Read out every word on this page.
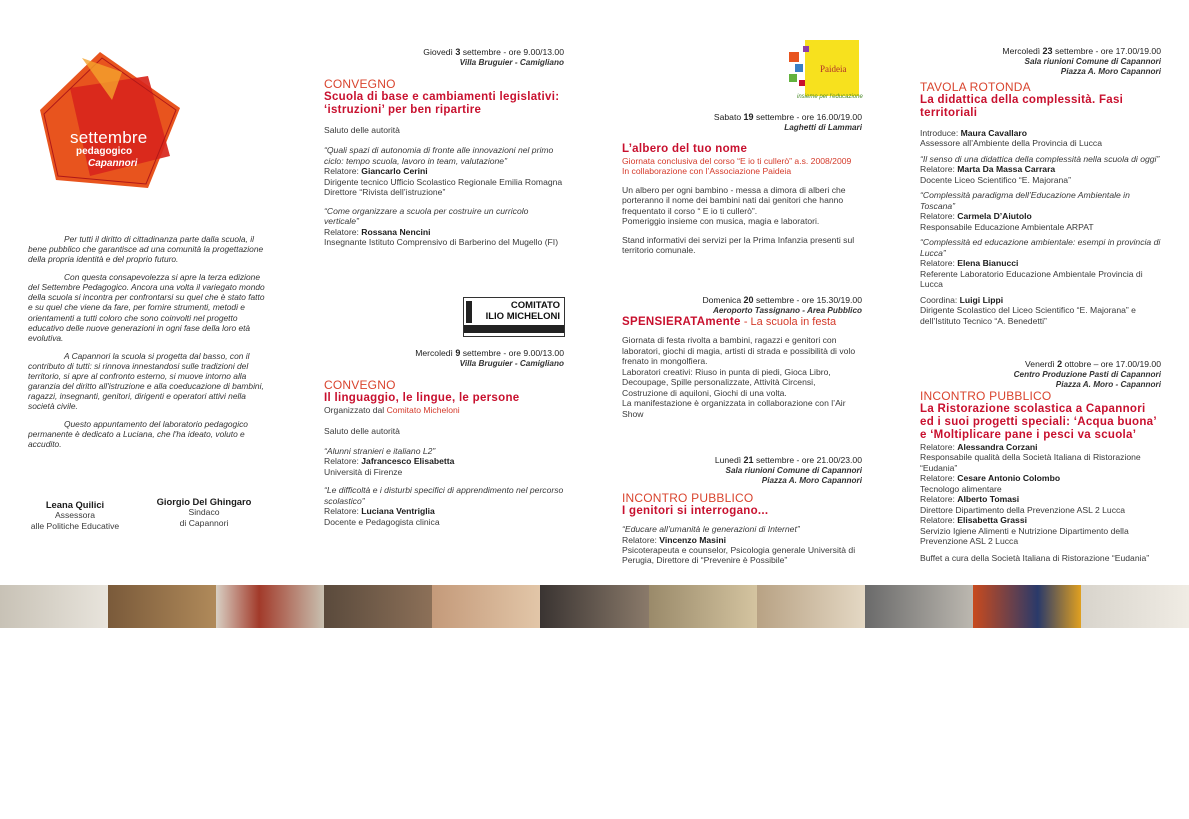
settembre
pedagogico
Capannori

Per tutti il diritto di cittadinanza parte dalla scuola, il bene pubblico che garantisce ad una comunità la progettazione della propria identità e del proprio futuro.

Con questa consapevolezza si apre la terza edizione del Settembre Pedagogico. Ancora una volta il variegato mondo della scuola si incontra per confrontarsi su quel che è stato fatto e su quel che viene da fare, per fornire strumenti, metodi e orientamenti a tutti coloro che sono coinvolti nel progetto educativo delle nuove generazioni in ogni fase della loro età evolutiva.

A Capannori la scuola si progetta dal basso, con il contributo di tutti: si rinnova innestandosi sulle tradizioni del territorio, si apre al confronto esterno, si muove intorno alla garanzia del diritto all'istruzione e alla coeducazione di bambini, ragazzi, insegnanti, genitori, dirigenti e operatori attivi nella società civile.

Questo appuntamento del laboratorio pedagogico permanente è dedicato a Luciana, che l'ha ideato, voluto e accudito.

Leana Quilici
Assessora
alle Politiche Educative
Giorgio Del Ghingaro
Sindaco
di Capannori
Giovedì 3 settembre - ore 9.00/13.00
Villa Bruguier - Camigliano
CONVEGNO
Scuola di base e cambiamenti legislativi: ‘istruzioni’ per ben ripartire

Saluto delle autorità

“Quali spazi di autonomia di fronte alle innovazioni nel primo ciclo: tempo scuola, lavoro in team, valutazione”

Relatore: Giancarlo Cerini

Dirigente tecnico Ufficio Scolastico Regionale Emilia Romagna

Direttore “Rivista dell’istruzione”

“Come organizzare a scuola per costruire un curricolo verticale”

Relatore: Rossana Nencini

Insegnante Istituto Comprensivo di Barberino del Mugello (FI)

COMITATO
ILIO MICHELONI
Mercoledì 9 settembre - ore 9.00/13.00
Villa Bruguier - Camigliano
CONVEGNO
Il linguaggio, le lingue, le persone

Organizzato dal Comitato Micheloni

Saluto delle autorità

“Alunni stranieri e italiano L2”

Relatore: Jafrancesco Elisabetta

Università di Firenze

“Le difficoltà e i disturbi specifici di apprendimento nel percorso scolastico”

Relatore: Luciana Ventriglia

Docente e Pedagogista clinica

Paideia
insieme per l'educazione
Sabato 19 settembre - ore 16.00/19.00
Laghetti di Lammari
L’albero del tuo nome

Giornata conclusiva del corso “E io ti cullerò” a.s. 2008/2009

In collaborazione con l’Associazione Paideia

Un albero per ogni bambino - messa a dimora di alberi che porteranno il nome dei bambini nati dai genitori che hanno frequentato il corso “ E io ti cullerò”.

Pomeriggio insieme con musica, magia e laboratori.

Stand informativi dei servizi per la Prima Infanzia presenti sul territorio comunale.

Domenica 20 settembre - ore 15.30/19.00
Aeroporto Tassignano - Area Pubblico
SPENSIERATAmente - La scuola in festa

Giornata di festa rivolta a bambini, ragazzi e genitori con laboratori, giochi di magia, artisti di strada e possibilità di volo frenato in mongolfiera.

Laboratori creativi: Riuso in punta di piedi, Gioca Libro, Decoupage, Spille personalizzate, Attività Circensi, Costruzione di aquiloni, Giochi di una volta.

La manifestazione è organizzata in collaborazione con l’Air Show

Lunedì 21 settembre - ore 21.00/23.00
Sala riunioni Comune di Capannori
Piazza A. Moro Capannori
INCONTRO PUBBLICO
I genitori si interrogano...

“Educare all’umanità le generazioni di Internet”

Relatore: Vincenzo Masini

Psicoterapeuta e counselor, Psicologia generale Università di Perugia, Direttore di “Prevenire è Possibile”

Mercoledì 23 settembre - ore 17.00/19.00
Sala riunioni Comune di Capannori
Piazza A. Moro Capannori
TAVOLA ROTONDA
La didattica della complessità. Fasi territoriali

Introduce: Maura Cavallaro

Assessore all’Ambiente della Provincia di Lucca

“Il senso di una didattica della complessità nella scuola di oggi”

Relatore: Marta Da Massa Carrara

Docente Liceo Scientifico “E. Majorana”

“Complessità paradigma dell’Educazione Ambientale in Toscana”

Relatore: Carmela D’Aiutolo

Responsabile Educazione Ambientale ARPAT

“Complessità ed educazione ambientale: esempi in provincia di Lucca”

Relatore: Elena Bianucci

Referente Laboratorio Educazione Ambientale Provincia di Lucca

Coordina: Luigi Lippi

Dirigente Scolastico del Liceo Scientifico “E. Majorana” e dell’Istituto Tecnico “A. Benedetti”

Venerdì 2 ottobre – ore 17.00/19.00
Centro Produzione Pasti di Capannori
Piazza A. Moro - Capannori
INCONTRO PUBBLICO
La Ristorazione scolastica a Capannori ed i suoi progetti speciali: ‘Acqua buona’ e ‘Moltiplicare pane i pesci va scuola’

Relatore: Alessandra Corzani

Responsabile qualità della Società Italiana di Ristorazione “Eudania”

Relatore: Cesare Antonio Colombo

Tecnologo alimentare

Relatore: Alberto Tomasi

Direttore Dipartimento della Prevenzione ASL 2 Lucca

Relatore: Elisabetta Grassi

Servizio Igiene Alimenti e Nutrizione Dipartimento della Prevenzione ASL 2 Lucca

Buffet a cura della Società Italiana di Ristorazione “Eudania”
